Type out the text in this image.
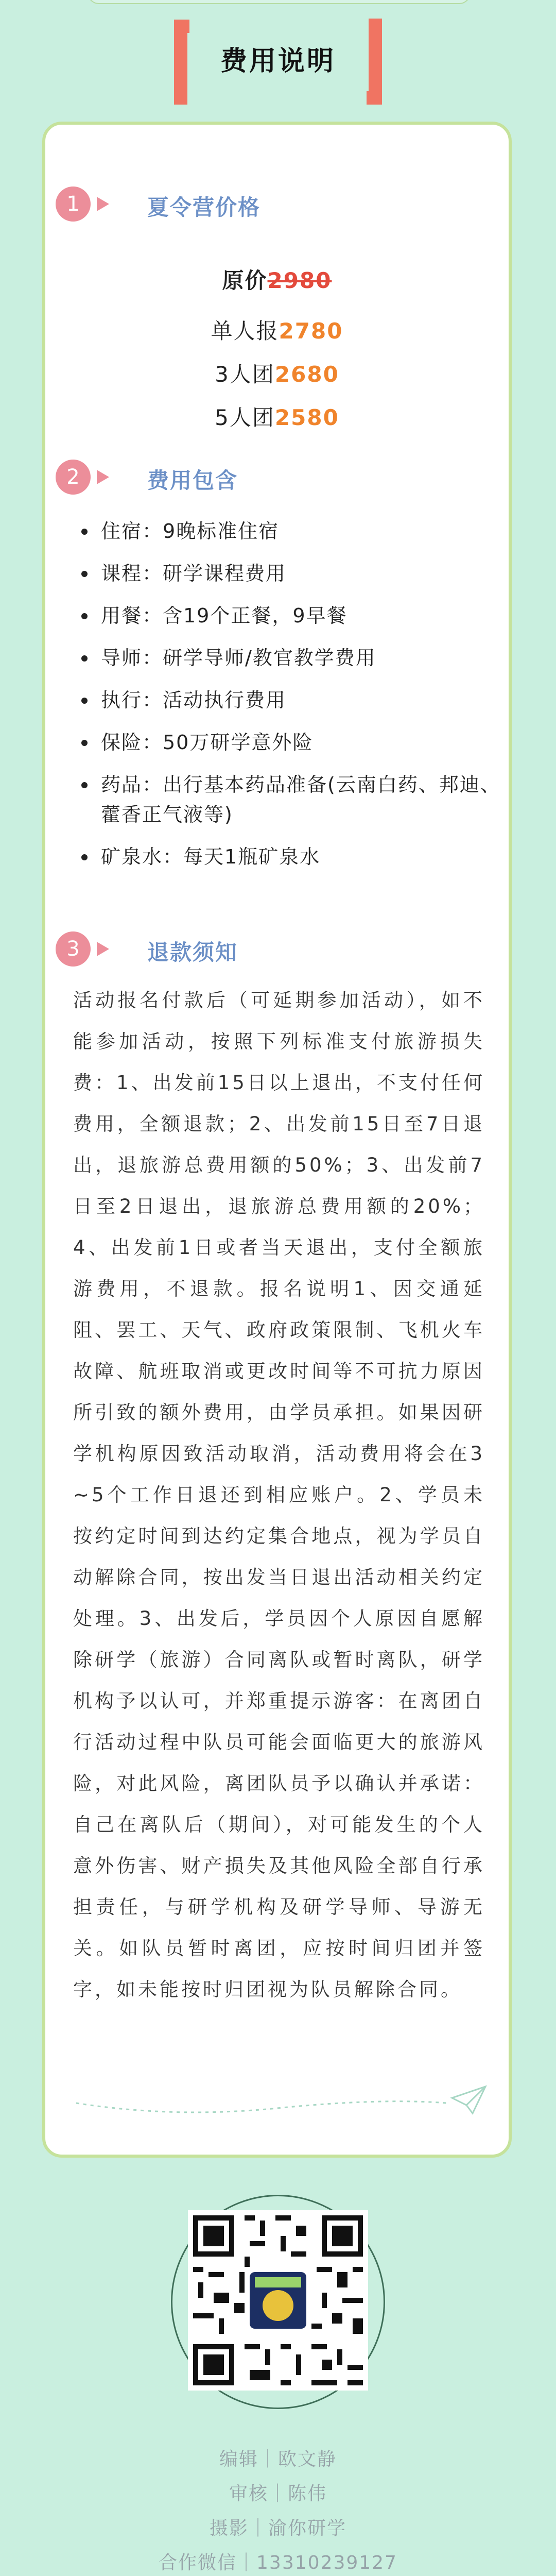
费用说明
1	夏令营价格
原价2980
单人报2780
3人团2680
5人团2580
2	费用包含
住宿：9晚标准住宿
课程：研学课程费用
用餐：含19个正餐，9早餐
导师：研学导师/教官教学费用
执行：活动执行费用
保险：50万研学意外险
药品：出行基本药品准备(云南白药、邦迪、藿香正气液等)
矿泉水：每天1瓶矿泉水
3	退款须知
活动报名付款后（可延期参加活动），如不能参加活动，按照下列标准支付旅游损失费：1、出发前15日以上退出，不支付任何费用，全额退款；2、出发前15日至7日退出，退旅游总费用额的50%；3、出发前7日至2日退出，退旅游总费用额的20%；4、出发前1日或者当天退出，支付全额旅游费用，不退款。报名说明1、因交通延阻、罢工、天气、政府政策限制、飞机火车故障、航班取消或更改时间等不可抗力原因所引致的额外费用，由学员承担。如果因研学机构原因致活动取消，活动费用将会在3~5个工作日退还到相应账户。2、学员未按约定时间到达约定集合地点，视为学员自动解除合同，按出发当日退出活动相关约定处理。3、出发后，学员因个人原因自愿解除研学（旅游）合同离队或暂时离队，研学机构予以认可，并郑重提示游客：在离团自行活动过程中队员可能会面临更大的旅游风险，对此风险，离团队员予以确认并承诺：自己在离队后（期间），对可能发生的个人意外伤害、财产损失及其他风险全部自行承担责任，与研学机构及研学导师、导游无关。如队员暂时离团，应按时间归团并签字，如未能按时归团视为队员解除合同。
编辑｜欧文静
审核｜陈伟
摄影｜渝你研学
合作微信｜13310239127
